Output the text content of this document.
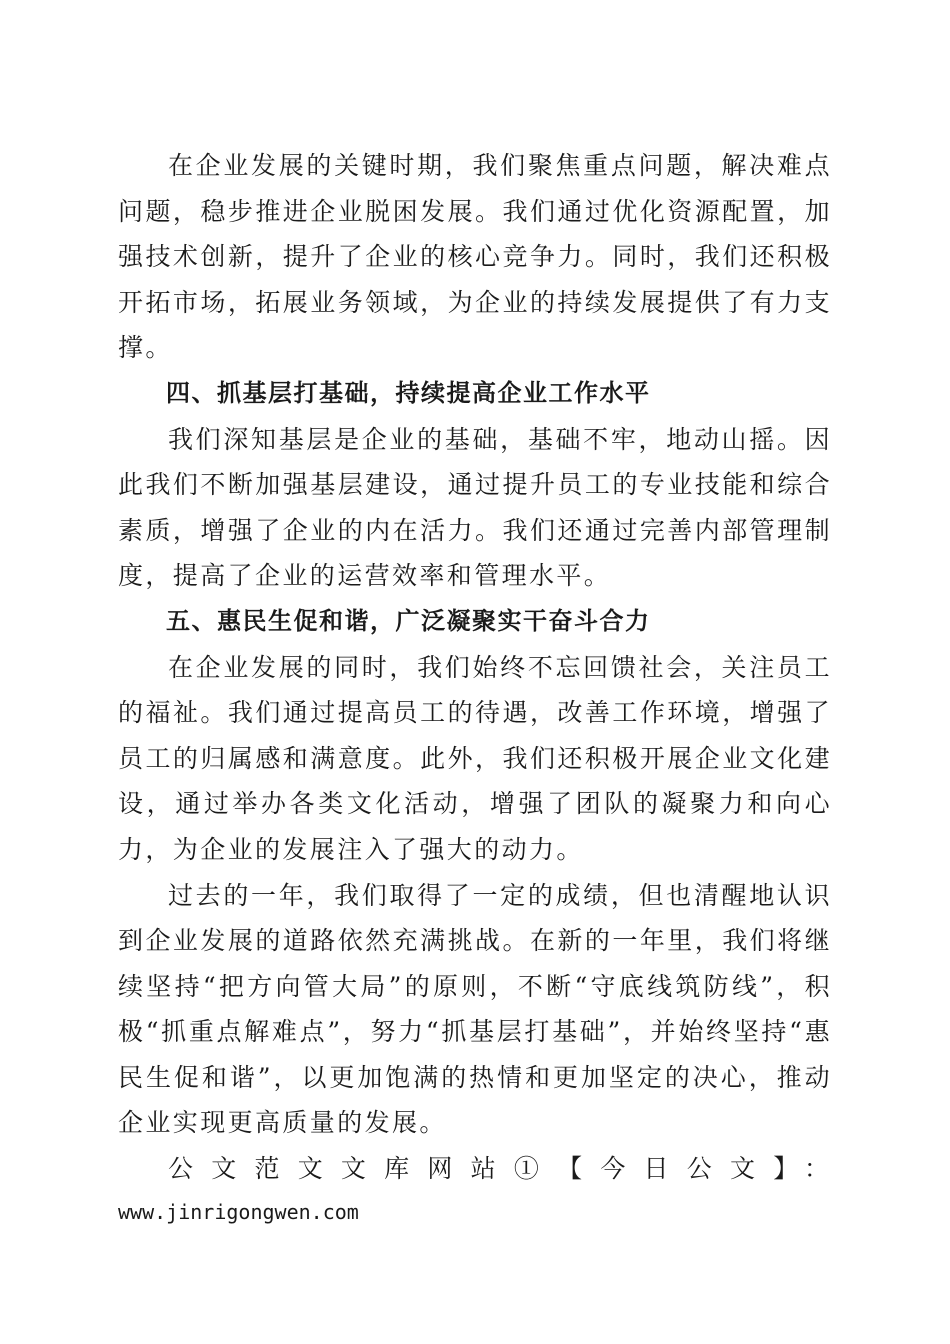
在企业发展的关键时期，我们聚焦重点问题，解决难点问题，稳步推进企业脱困发展。我们通过优化资源配置，加强技术创新，提升了企业的核心竞争力。同时，我们还积极开拓市场，拓展业务领域，为企业的持续发展提供了有力支撑。

四、抓基层打基础，持续提高企业工作水平

我们深知基层是企业的基础，基础不牢，地动山摇。因此我们不断加强基层建设，通过提升员工的专业技能和综合素质，增强了企业的内在活力。我们还通过完善内部管理制度，提高了企业的运营效率和管理水平。

五、惠民生促和谐，广泛凝聚实干奋斗合力

在企业发展的同时，我们始终不忘回馈社会，关注员工的福祉。我们通过提高员工的待遇，改善工作环境，增强了员工的归属感和满意度。此外，我们还积极开展企业文化建设，通过举办各类文化活动，增强了团队的凝聚力和向心力，为企业的发展注入了强大的动力。

过去的一年，我们取得了一定的成绩，但也清醒地认识到企业发展的道路依然充满挑战。在新的一年里，我们将继续坚持“把方向管大局”的原则，不断“守底线筑防线”，积极“抓重点解难点”，努力“抓基层打基础”，并始终坚持“惠民生促和谐”，以更加饱满的热情和更加坚定的决心，推动企业实现更高质量的发展。

公文范文文库网站①【今日公文】：

www.jinrigongwen.com
